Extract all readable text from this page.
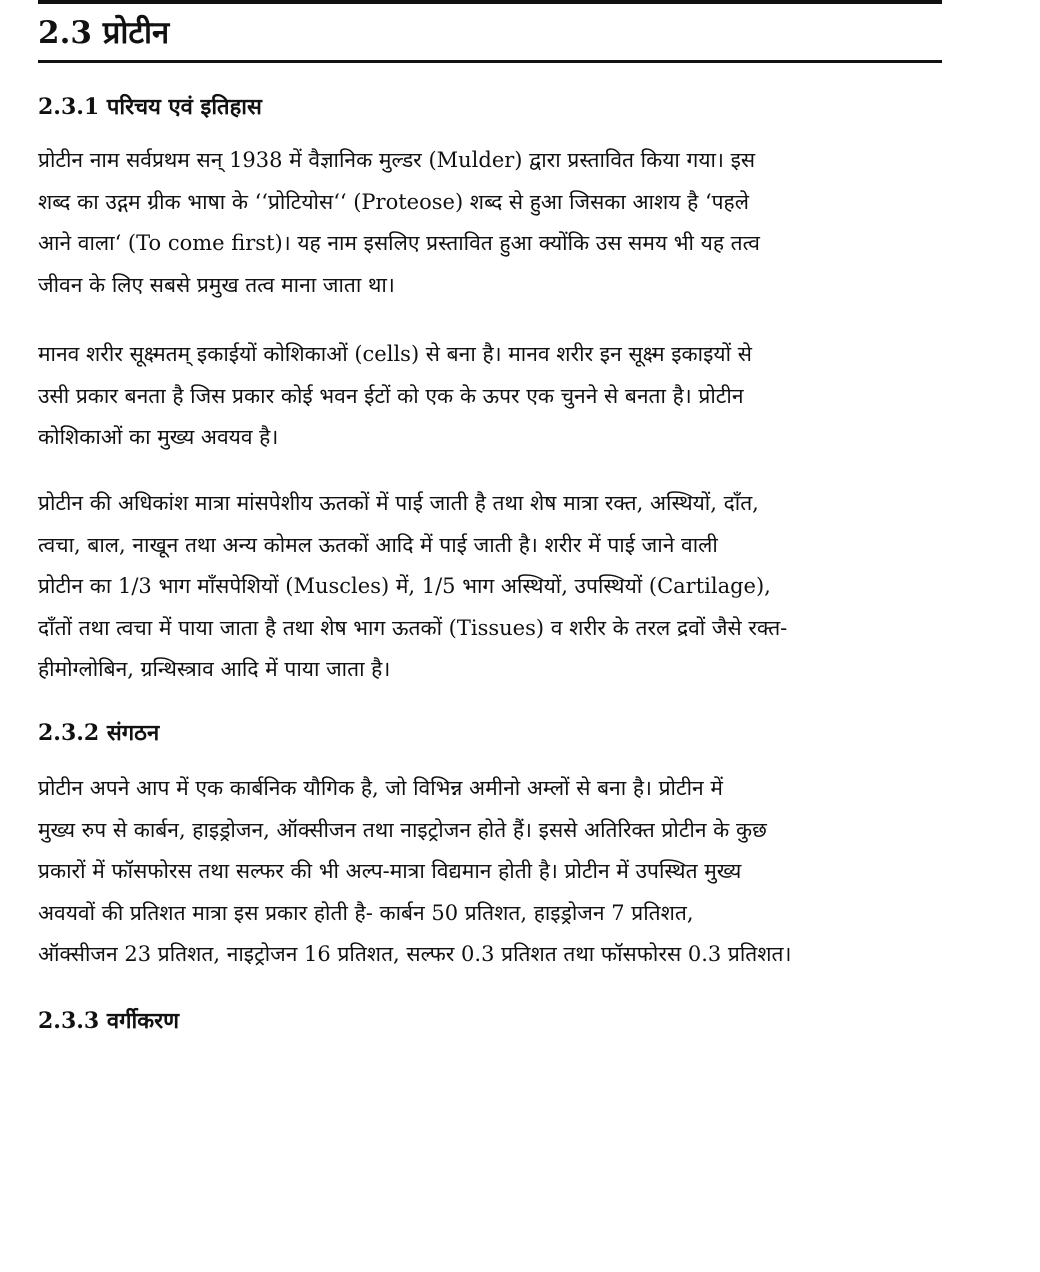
2.3 प्रोटीन
2.3.1 परिचय एवं इतिहास

प्रोटीन नाम सर्वप्रथम सन् 1938 में वैज्ञानिक मुल्डर (Mulder) द्वारा प्रस्तावित किया गया। इस
शब्द का उद्गम ग्रीक भाषा के ‘‘प्रोटियोस‘‘ (Proteose) शब्द से हुआ जिसका आशय है ‘पहले
आने वाला‘ (To come first)। यह नाम इसलिए प्रस्तावित हुआ क्योंकि उस समय भी यह तत्व
जीवन के लिए सबसे प्रमुख तत्व माना जाता था।

मानव शरीर सूक्ष्मतम् इकाईयों कोशिकाओं (cells) से बना है। मानव शरीर इन सूक्ष्म इकाइयों से
उसी प्रकार बनता है जिस प्रकार कोई भवन ईटों को एक के ऊपर एक चुनने से बनता है। प्रोटीन
कोशिकाओं का मुख्य अवयव है।

प्रोटीन की अधिकांश मात्रा मांसपेशीय ऊतकों में पाई जाती है तथा शेष मात्रा रक्त, अस्थियों, दाँत,
त्वचा, बाल, नाखून तथा अन्य कोमल ऊतकों आदि में पाई जाती है। शरीर में पाई जाने वाली
प्रोटीन का 1/3 भाग माँसपेशियों (Muscles) में, 1/5 भाग अस्थियों, उपस्थियों (Cartilage),
दाँतों तथा त्वचा में पाया जाता है तथा शेष भाग ऊतकों (Tissues) व शरीर के तरल द्रवों जैसे रक्त-
हीमोग्लोबिन, ग्रन्थिस्त्राव आदि में पाया जाता है।

2.3.2 संगठन

प्रोटीन अपने आप में एक कार्बनिक यौगिक है, जो विभिन्न अमीनो अम्लों से बना है। प्रोटीन में
मुख्य रुप से कार्बन, हाइड्रोजन, ऑक्सीजन तथा नाइट्रोजन होते हैं। इससे अतिरिक्त प्रोटीन के कुछ
प्रकारों में फॉसफोरस तथा सल्फर की भी अल्प-मात्रा विद्यमान होती है। प्रोटीन में उपस्थित मुख्य
अवयवों की प्रतिशत मात्रा इस प्रकार होती है- कार्बन 50 प्रतिशत, हाइड्रोजन 7 प्रतिशत,
ऑक्सीजन 23 प्रतिशत, नाइट्रोजन 16 प्रतिशत, सल्फर 0.3 प्रतिशत तथा फॉसफोरस 0.3 प्रतिशत।

2.3.3 वर्गीकरण
